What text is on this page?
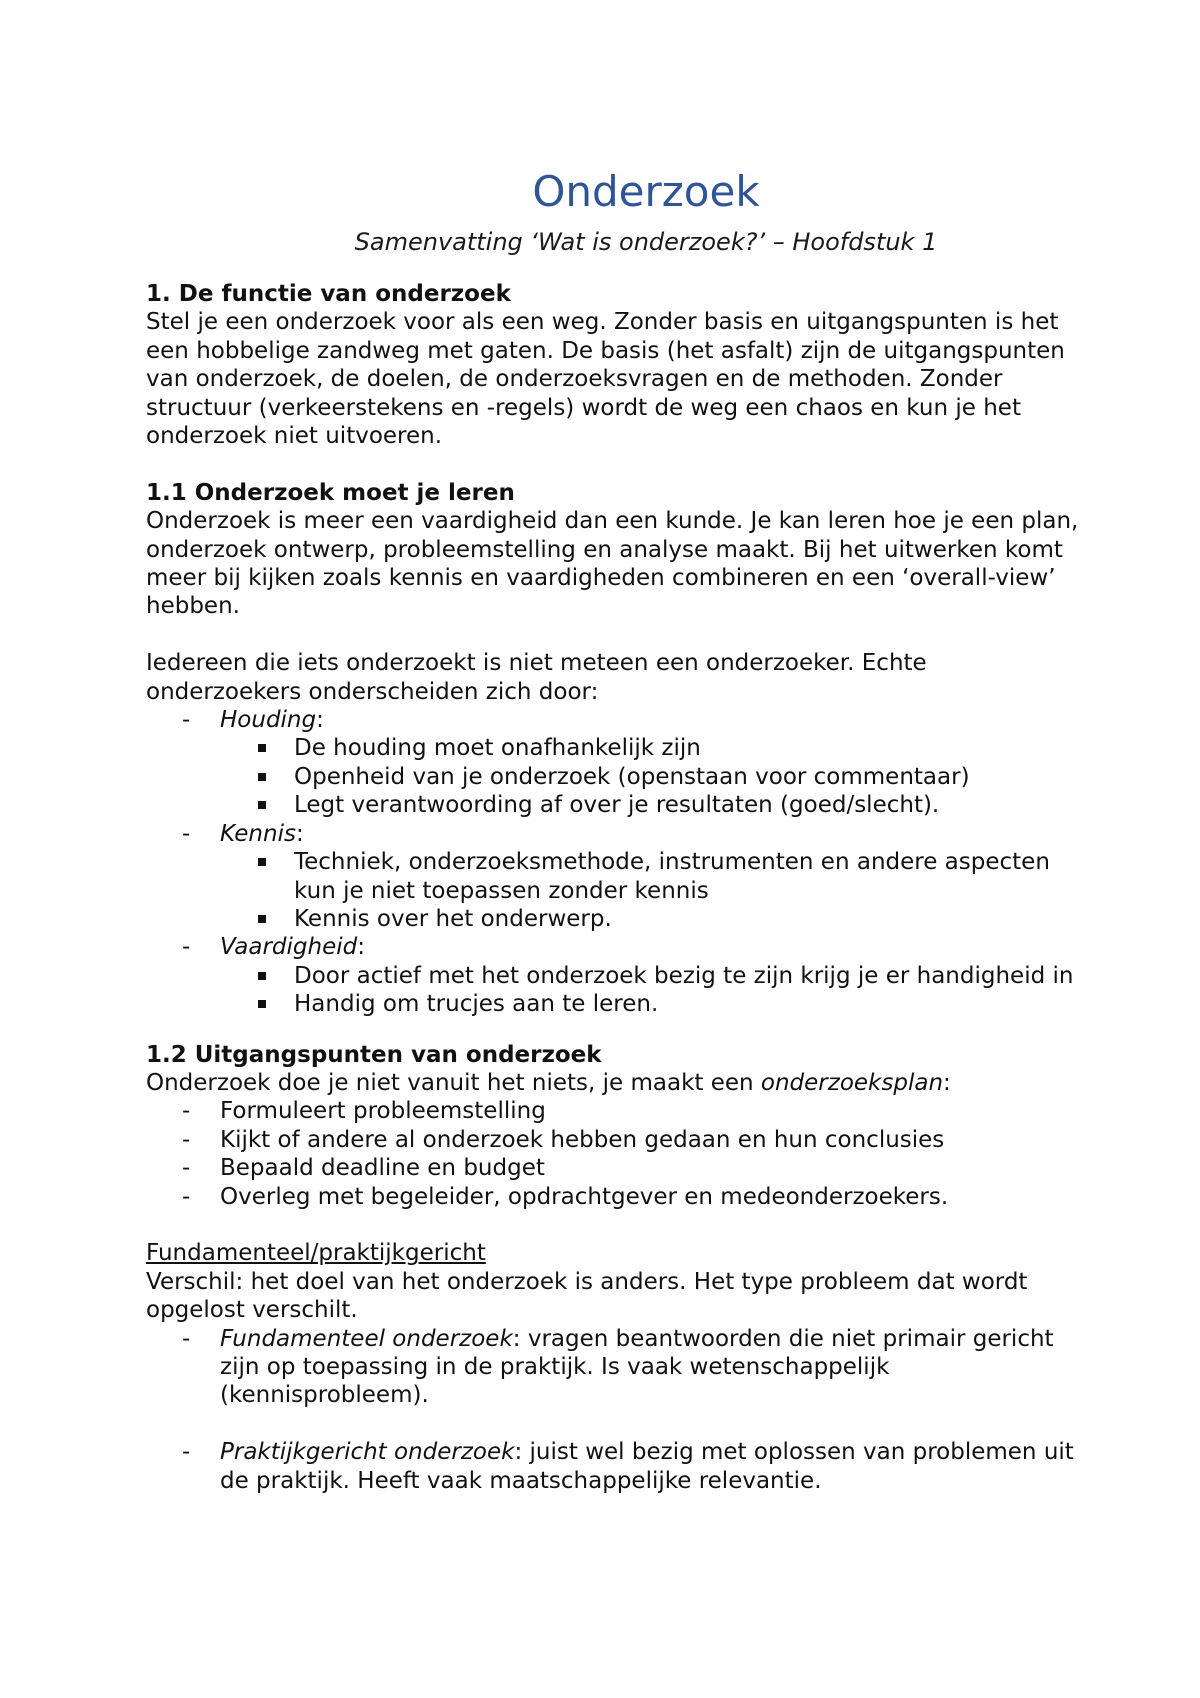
Onderzoek

Samenvatting ‘Wat is onderzoek?’ – Hoofdstuk 1

1. De functie van onderzoek

Stel je een onderzoek voor als een weg. Zonder basis en uitgangspunten is het een hobbelige zandweg met gaten. De basis (het asfalt) zijn de uitgangspunten van onderzoek, de doelen, de onderzoeksvragen en de methoden. Zonder structuur (verkeerstekens en -regels) wordt de weg een chaos en kun je het onderzoek niet uitvoeren.

1.1 Onderzoek moet je leren

Onderzoek is meer een vaardigheid dan een kunde. Je kan leren hoe je een plan, onderzoek ontwerp, probleemstelling en analyse maakt. Bij het uitwerken komt meer bij kijken zoals kennis en vaardigheden combineren en een ‘overall-view’ hebben.

Iedereen die iets onderzoekt is niet meteen een onderzoeker. Echte onderzoekers onderscheiden zich door:

- Houding:
De houding moet onafhankelijk zijn
Openheid van je onderzoek (openstaan voor commentaar)
Legt verantwoording af over je resultaten (goed/slecht).
- Kennis:
Techniek, onderzoeksmethode, instrumenten en andere aspecten kun je niet toepassen zonder kennis
Kennis over het onderwerp.
- Vaardigheid:
Door actief met het onderzoek bezig te zijn krijg je er handigheid in
Handig om trucjes aan te leren.
1.2 Uitgangspunten van onderzoek

Onderzoek doe je niet vanuit het niets, je maakt een onderzoeksplan:

- Formuleert probleemstelling
- Kijkt of andere al onderzoek hebben gedaan en hun conclusies
- Bepaald deadline en budget
- Overleg met begeleider, opdrachtgever en medeonderzoekers.

Fundamenteel/praktijkgericht

Verschil: het doel van het onderzoek is anders. Het type probleem dat wordt opgelost verschilt.

- Fundamenteel onderzoek: vragen beantwoorden die niet primair gericht zijn op toepassing in de praktijk. Is vaak wetenschappelijk (kennisprobleem).
- Praktijkgericht onderzoek: juist wel bezig met oplossen van problemen uit de praktijk. Heeft vaak maatschappelijke relevantie.
